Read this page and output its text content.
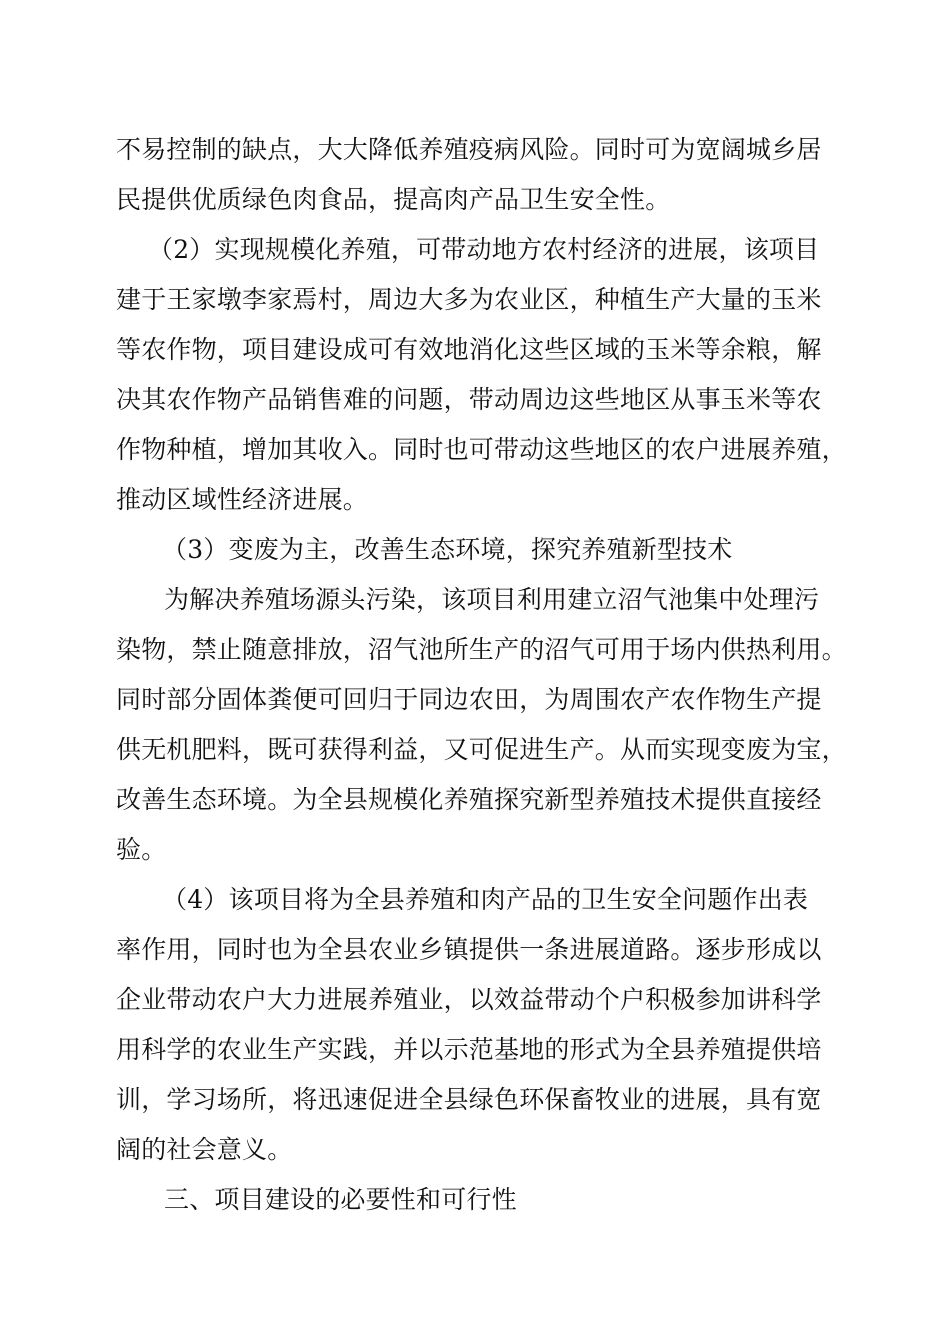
不易控制的缺点，大大降低养殖疫病风险。同时可为宽阔城乡居
民提供优质绿色肉食品，提高肉产品卫生安全性。
（2）实现规模化养殖，可带动地方农村经济的进展，该项目
建于王家墩李家焉村，周边大多为农业区，种植生产大量的玉米
等农作物，项目建设成可有效地消化这些区域的玉米等余粮，解
决其农作物产品销售难的问题，带动周边这些地区从事玉米等农
作物种植，增加其收入。同时也可带动这些地区的农户进展养殖，
推动区域性经济进展。
（3）变废为主，改善生态环境，探究养殖新型技术
为解决养殖场源头污染，该项目利用建立沼气池集中处理污
染物，禁止随意排放，沼气池所生产的沼气可用于场内供热利用。
同时部分固体粪便可回归于同边农田，为周围农产农作物生产提
供无机肥料，既可获得利益，又可促进生产。从而实现变废为宝，
改善生态环境。为全县规模化养殖探究新型养殖技术提供直接经
验。
（4）该项目将为全县养殖和肉产品的卫生安全问题作出表
率作用，同时也为全县农业乡镇提供一条进展道路。逐步形成以
企业带动农户大力进展养殖业，以效益带动个户积极参加讲科学
用科学的农业生产实践，并以示范基地的形式为全县养殖提供培
训，学习场所，将迅速促进全县绿色环保畜牧业的进展，具有宽
阔的社会意义。
三、项目建设的必要性和可行性
